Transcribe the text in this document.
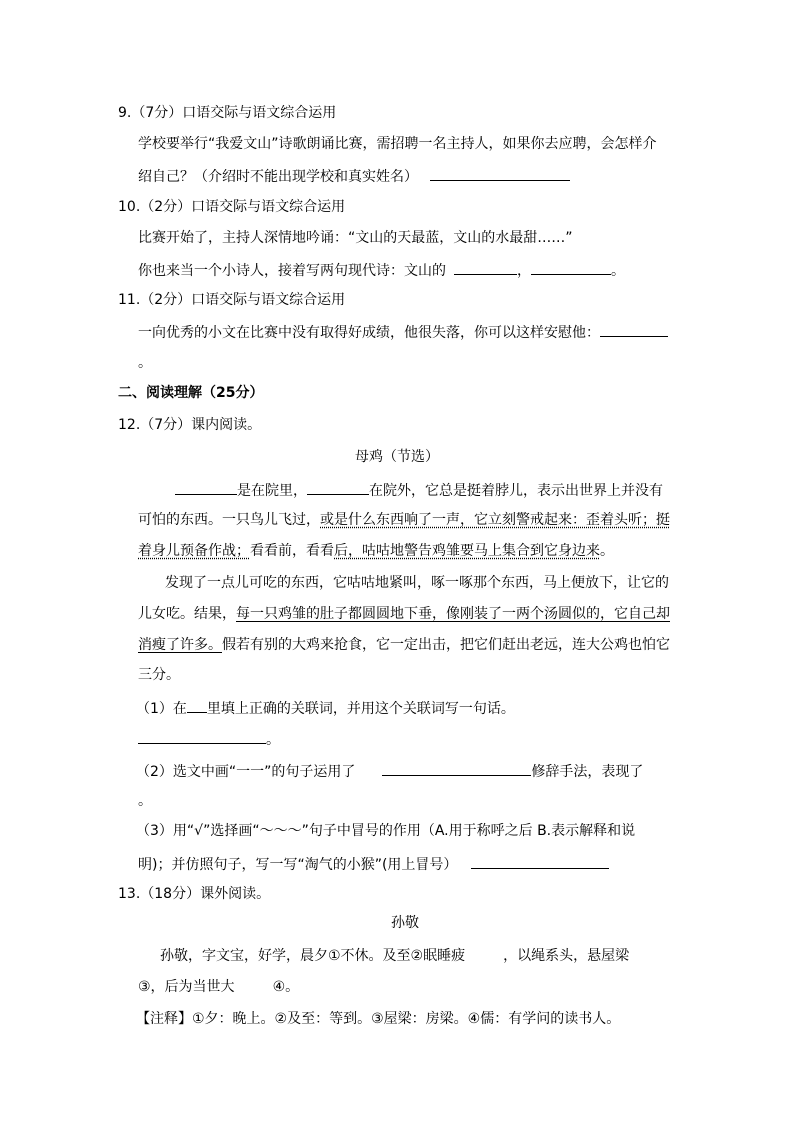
9.（7分）口语交际与语文综合运用
学校要举行“我爱文山”诗歌朗诵比赛，需招聘一名主持人，如果你去应聘，会怎样介
绍自己？（介绍时不能出现学校和真实姓名）
10.（2分）口语交际与语文综合运用
比赛开始了，主持人深情地吟诵：“文山的天最蓝，文山的水最甜……”
你也来当一个小诗人，接着写两句现代诗：文山的	，	。
11.（2分）口语交际与语文综合运用
一向优秀的小文在比赛中没有取得好成绩，他很失落，你可以这样安慰他：
。
二、阅读理解（25分）
12.（7分）课内阅读。
母鸡（节选）
是在院里，	在院外，它总是挺着脖儿，表示出世界上并没有
可怕的东西。一只鸟儿飞过，或是什么东西响了一声，它立刻警戒起来：歪着头听；挺
着身儿预备作战；看看前，看看后，咕咕地警告鸡雏要马上集合到它身边来。
发现了一点儿可吃的东西，它咕咕地紧叫，啄一啄那个东西，马上便放下，让它的
儿女吃。结果，每一只鸡雏的肚子都圆圆地下垂，像刚装了一两个汤圆似的，它自己却
消瘦了许多。假若有别的大鸡来抢食，它一定出击，把它们赶出老远，连大公鸡也怕它
三分。
（1）在 里填上正确的关联词，并用这个关联词写一句话。
。
（2）选文中画“一一”的句子运用了	修辞手法，表现了
。
（3）用“√”选择画“～～～”句子中冒号的作用（A.用于称呼之后 B.表示解释和说
明)；并仿照句子，写一写“淘气的小猴”(用上冒号）
13.（18分）课外阅读。
孙敬
孙敬，字文宝，好学，晨夕①不休。及至②眠睡疲	，以绳系头，悬屋梁
③，后为当世大	④。
【注释】①夕：晚上。②及至：等到。③屋梁：房梁。④儒：有学问的读书人。
